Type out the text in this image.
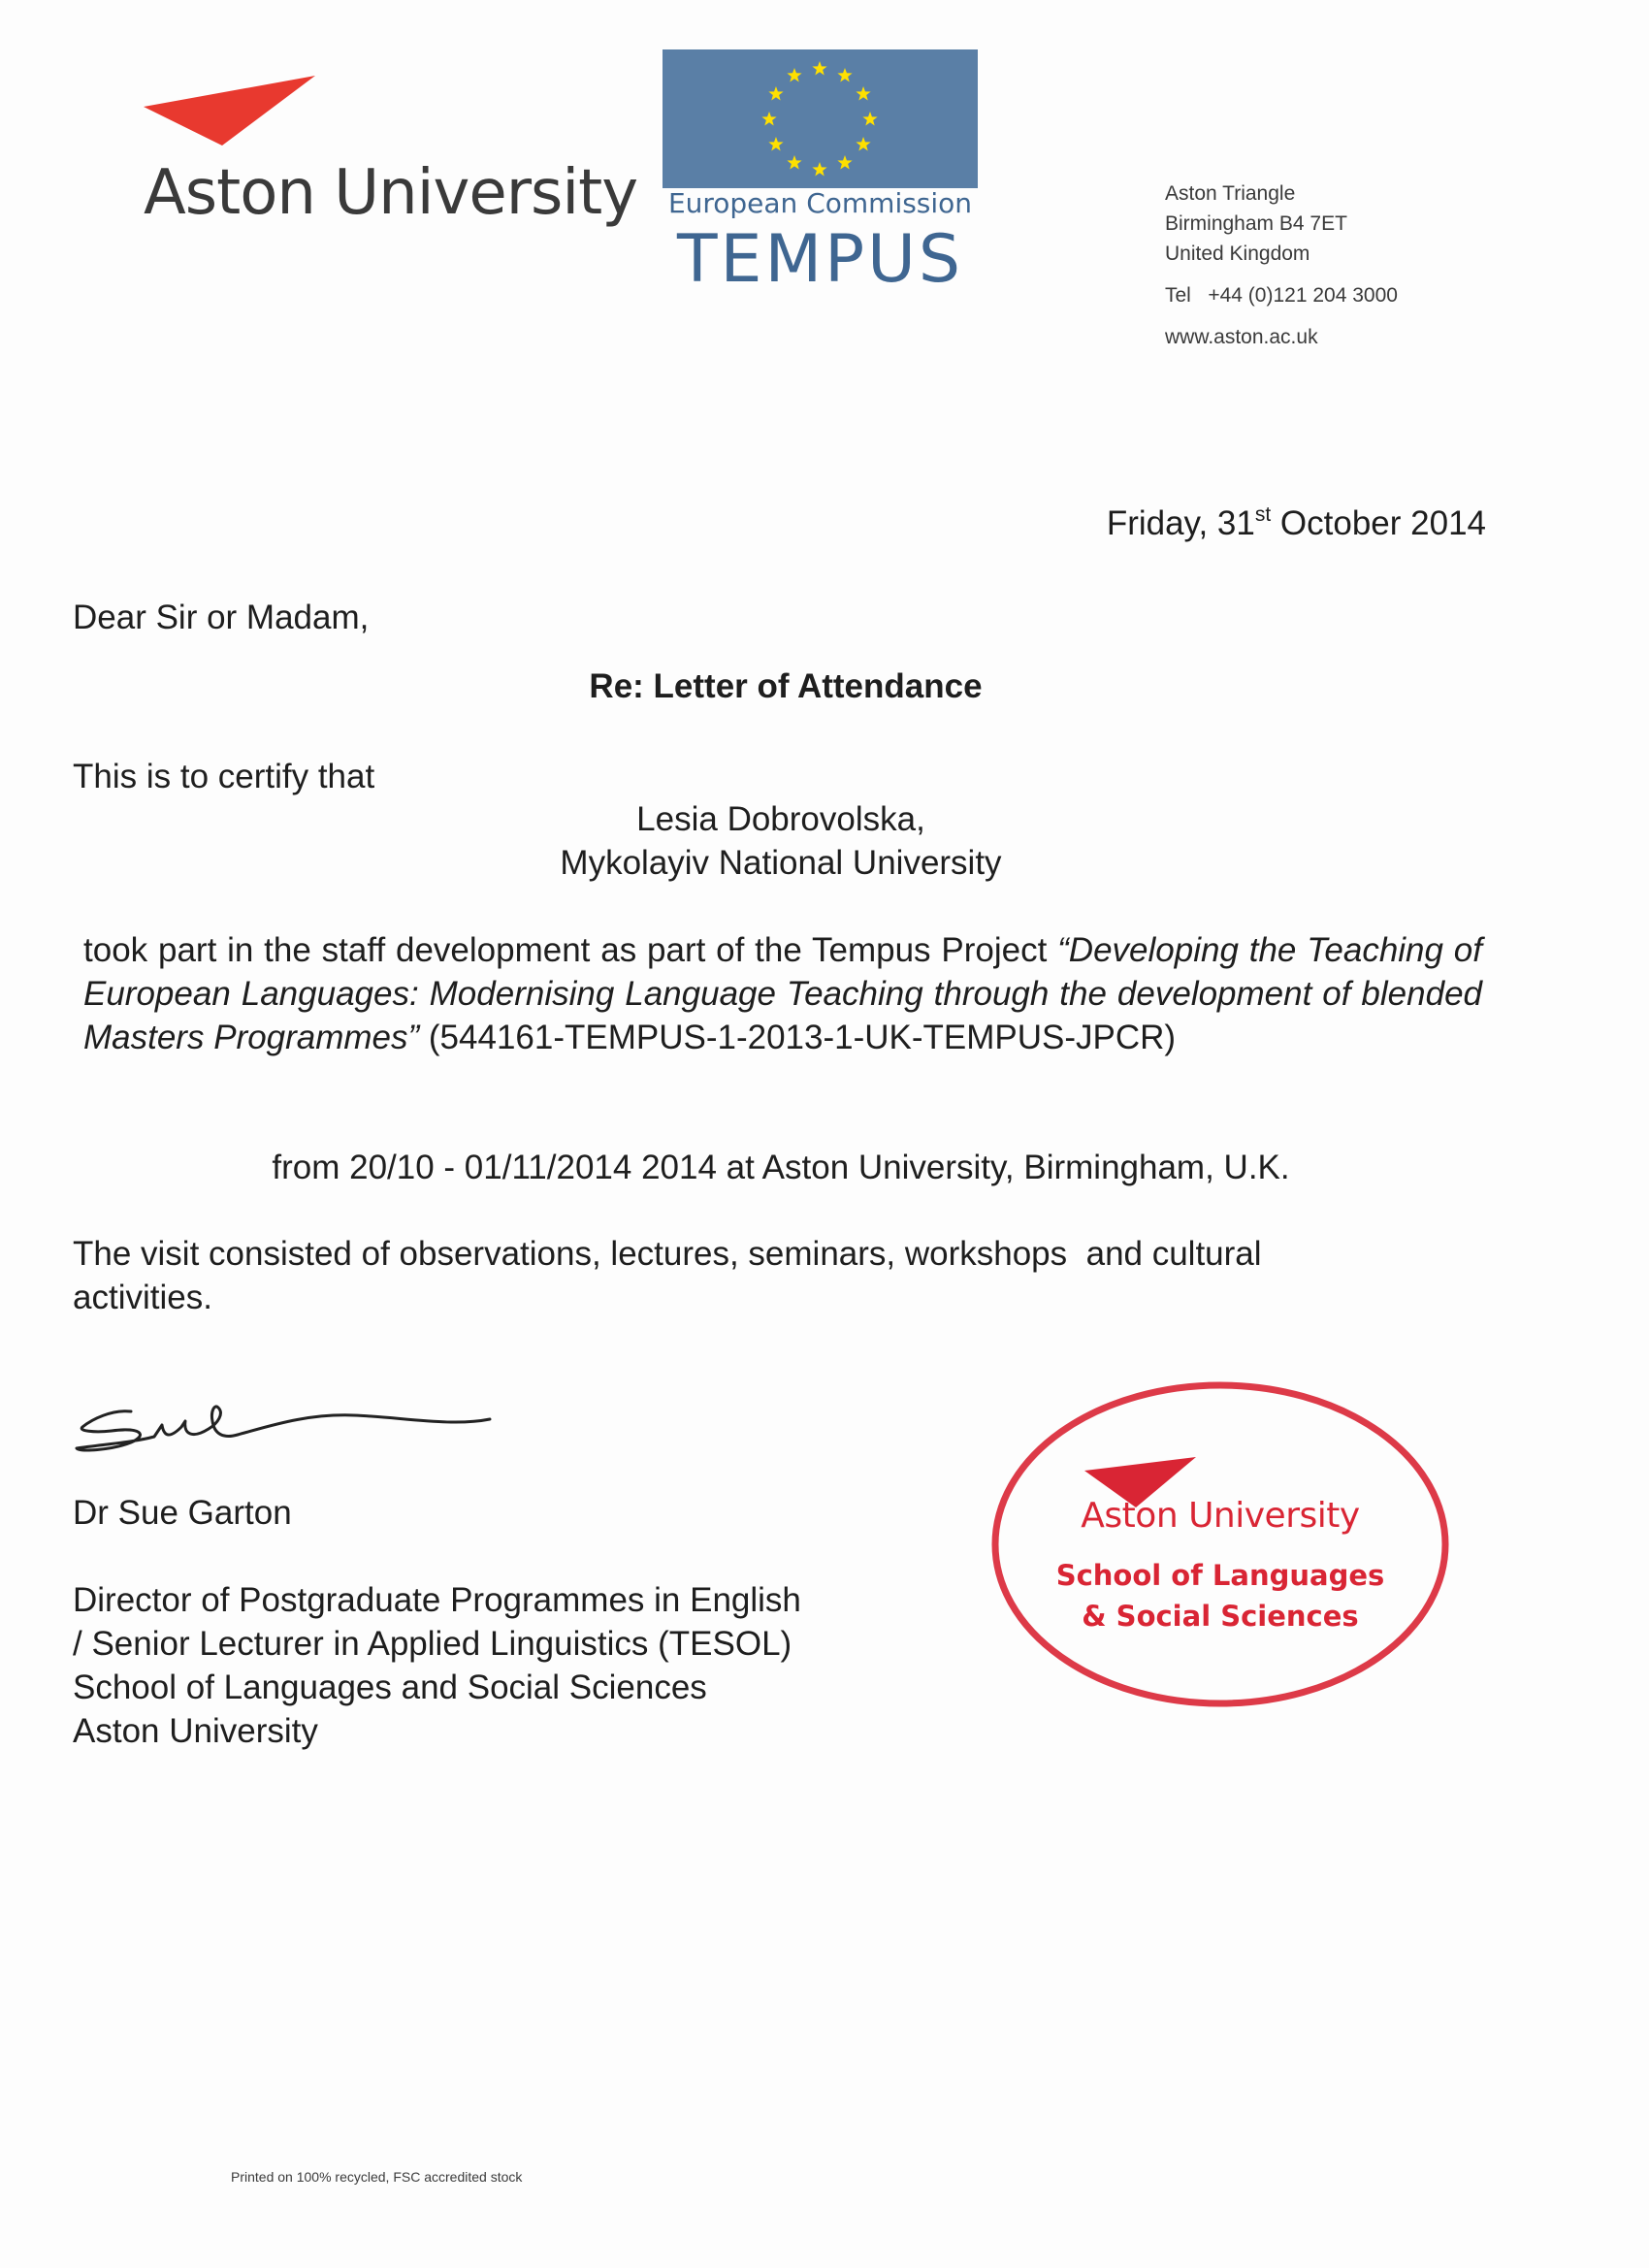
Aston University European Commission
TEMPUS
Aston Triangle
Birmingham B4 7ET
United Kingdom
Tel   +44 (0)121 204 3000
www.aston.ac.uk
Friday, 31st October 2014
Dear Sir or Madam,
Re: Letter of Attendance
This is to certify that
Lesia Dobrovolska,
Mykolayiv National University
took part in the staff development as part of the Tempus Project “Developing the Teaching of European Languages: Modernising Language Teaching through the development of blended Masters Programmes” (544161-TEMPUS-1-2013-1-UK-TEMPUS-JPCR)
from 20/10 - 01/11/2014 2014 at Aston University, Birmingham, U.K.
The visit consisted of observations, lectures, seminars, workshops  and cultural activities.
Dr Sue Garton
Director of Postgraduate Programmes in English
/ Senior Lecturer in Applied Linguistics (TESOL)
School of Languages and Social Sciences
Aston University
Aston University
School of Languages
& Social Sciences
Printed on 100% recycled, FSC accredited stock
